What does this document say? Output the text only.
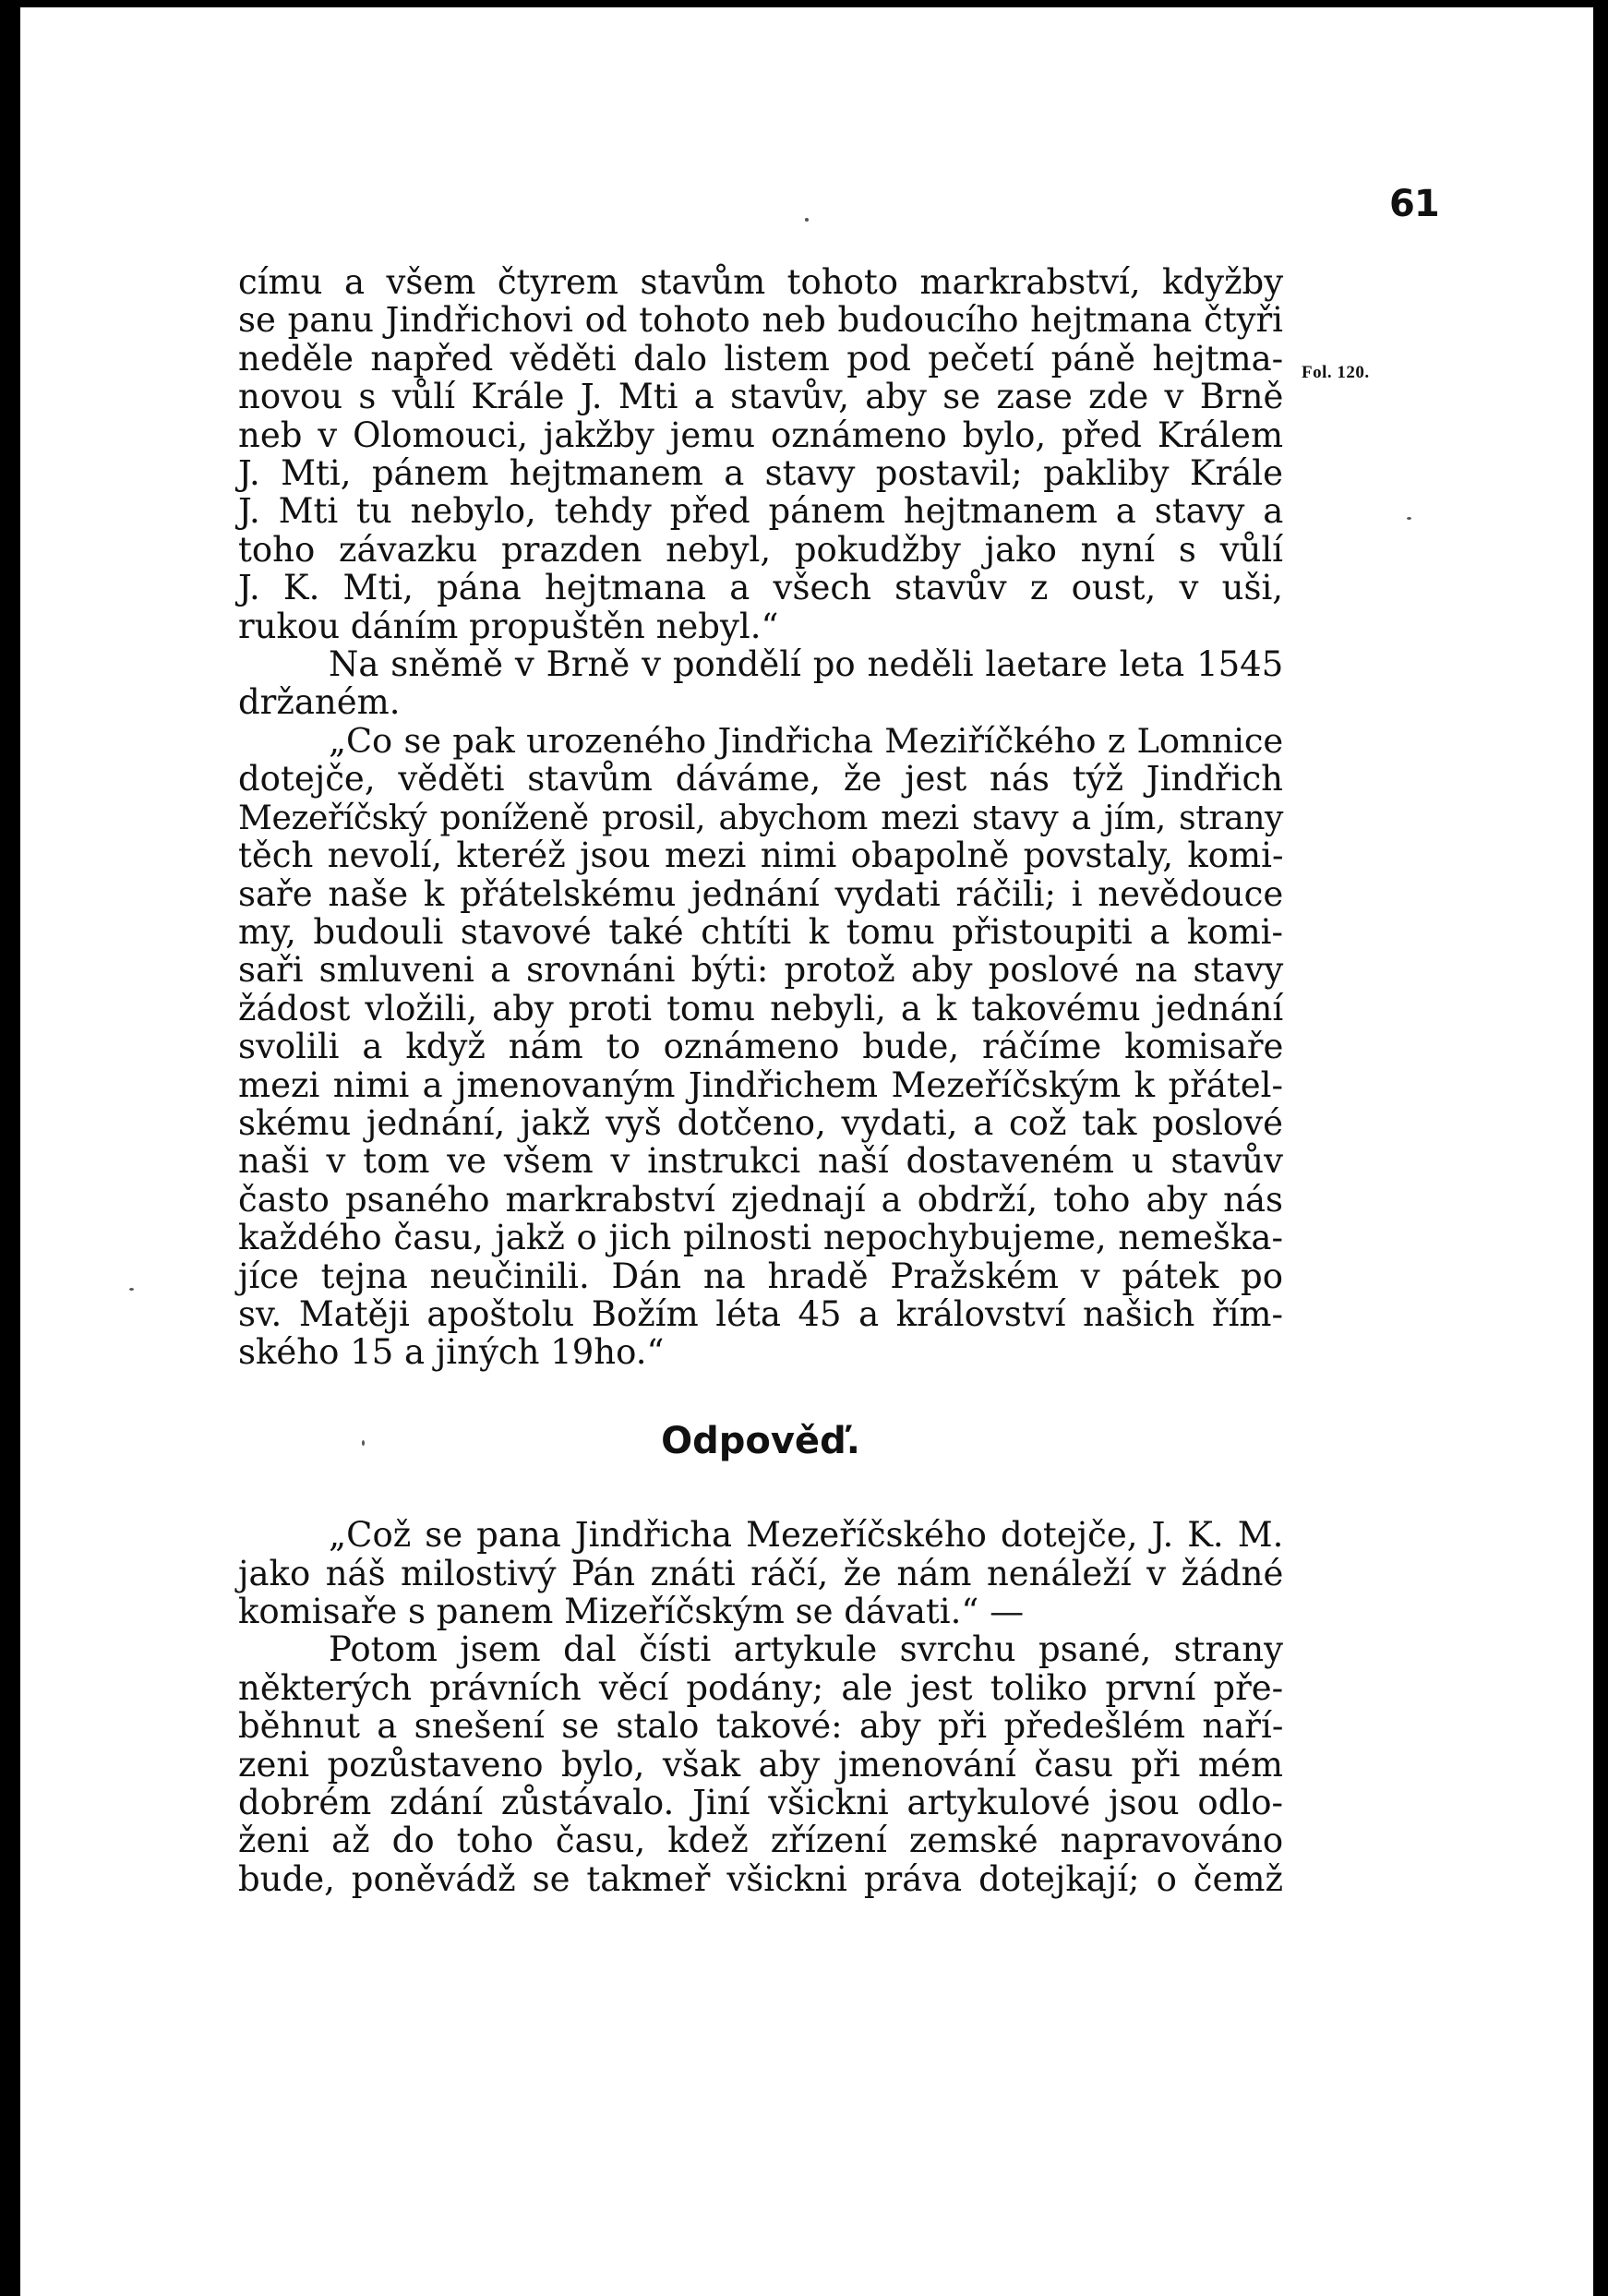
61
Fol. 120.
címu a všem čtyrem stavům tohoto markrabství, kdyžby
se panu Jindřichovi od tohoto neb budoucího hejtmana čtyři
neděle napřed věděti dalo listem pod pečetí páně hejtma-
novou s vůlí Krále J. Mti a stavův, aby se zase zde v Brně
neb v Olomouci, jakžby jemu oznámeno bylo, před Králem
J. Mti, pánem hejtmanem a stavy postavil; pakliby Krále
J. Mti tu nebylo, tehdy před pánem hejtmanem a stavy a
toho závazku prazden nebyl, pokudžby jako nyní s vůlí
J. K. Mti, pána hejtmana a všech stavův z oust, v uši,
rukou dáním propuštěn nebyl.“
Na sněmě v Brně v pondělí po neděli laetare leta 1545
držaném.
„Co se pak urozeného Jindřicha Meziříčkého z Lomnice
dotejče, věděti stavům dáváme, že jest nás týž Jindřich
Mezeříčský poníženě prosil, abychom mezi stavy a jím, strany
těch nevolí, kteréž jsou mezi nimi obapolně povstaly, komi-
saře naše k přátelskému jednání vydati ráčili; i nevědouce
my, budouli stavové také chtíti k tomu přistoupiti a komi-
saři smluveni a srovnáni býti: protož aby poslové na stavy
žádost vložili, aby proti tomu nebyli, a k takovému jednání
svolili a když nám to oznámeno bude, ráčíme komisaře
mezi nimi a jmenovaným Jindřichem Mezeříčským k přátel-
skému jednání, jakž vyš dotčeno, vydati, a což tak poslové
naši v tom ve všem v instrukci naší dostaveném u stavův
často psaného markrabství zjednají a obdrží, toho aby nás
každého času, jakž o jich pilnosti nepochybujeme, nemeška-
jíce tejna neučinili. Dán na hradě Pražském v pátek po
sv. Matěji apoštolu Božím léta 45 a království našich řím-
ského 15 a jiných 19ho.“
Odpověď.
„Což se pana Jindřicha Mezeříčského dotejče, J. K. M.
jako náš milostivý Pán znáti ráčí, že nám nenáleží v žádné
komisaře s panem Mizeříčským se dávati.“ —
Potom jsem dal čísti artykule svrchu psané, strany
některých právních věcí podány; ale jest toliko první pře-
běhnut a snešení se stalo takové: aby při předešlém naří-
zeni pozůstaveno bylo, však aby jmenování času při mém
dobrém zdání zůstávalo. Jiní všickni artykulové jsou odlo-
ženi až do toho času, kdež zřízení zemské napravováno
bude, poněvádž se takmeř všickni práva dotejkají; o čemž
